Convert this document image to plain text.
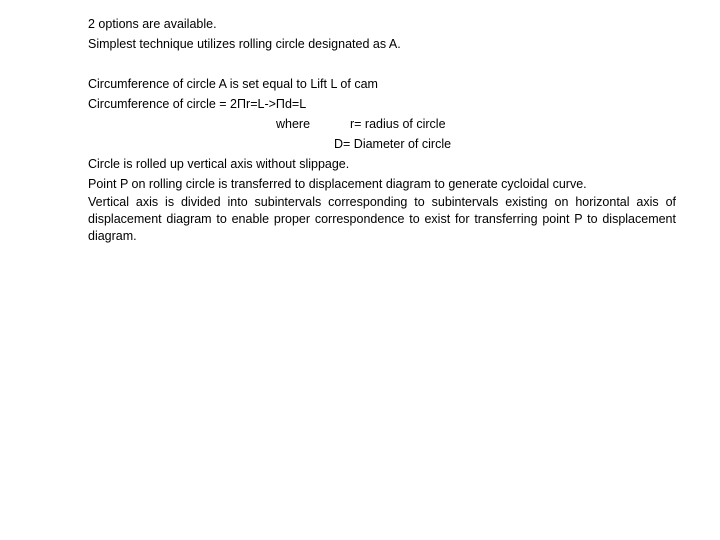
2 options are available.
Simplest technique utilizes rolling circle designated as A.
Circumference of circle A is set equal to Lift L of cam
Circumference of circle = 2Πr=L->Πd=L
where	r= radius of circle
D= Diameter of circle
Circle is rolled up vertical axis without slippage.
Point P on rolling circle is transferred to displacement diagram to generate cycloidal curve.
Vertical axis is divided into subintervals corresponding to subintervals existing on horizontal axis of displacement diagram to enable proper correspondence to exist for transferring point P to displacement diagram.
